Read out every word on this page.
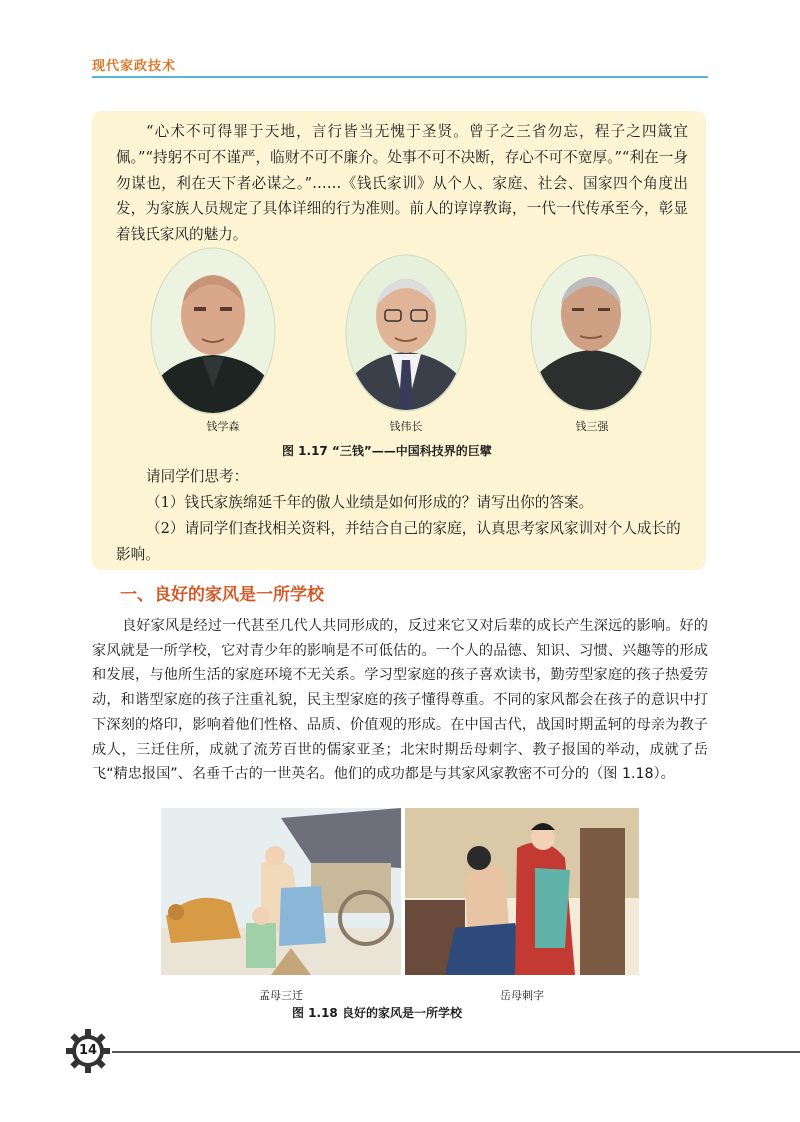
现代家政技术

“心术不可得罪于天地，言行皆当无愧于圣贤。曾子之三省勿忘，程子之四箴宜佩。”“持躬不可不谨严，临财不可不廉介。处事不可不决断，存心不可不宽厚。”“利在一身勿谋也，利在天下者必谋之。”……《钱氏家训》从个人、家庭、社会、国家四个角度出发，为家族人员规定了具体详细的行为准则。前人的谆谆教诲，一代一代传承至今，彰显着钱氏家风的魅力。

钱学森	钱伟长	钱三强
图 1.17 “三钱”——中国科技界的巨擘
请同学们思考：
（1）钱氏家族绵延千年的傲人业绩是如何形成的？请写出你的答案。
（2）请同学们查找相关资料，并结合自己的家庭，认真思考家风家训对个人成长的影响。
一、良好的家风是一所学校

良好家风是经过一代甚至几代人共同形成的，反过来它又对后辈的成长产生深远的影响。好的家风就是一所学校，它对青少年的影响是不可低估的。一个人的品德、知识、习惯、兴趣等的形成和发展，与他所生活的家庭环境不无关系。学习型家庭的孩子喜欢读书，勤劳型家庭的孩子热爱劳动，和谐型家庭的孩子注重礼貌，民主型家庭的孩子懂得尊重。不同的家风都会在孩子的意识中打下深刻的烙印，影响着他们性格、品质、价值观的形成。在中国古代，战国时期孟轲的母亲为教子成人，三迁住所，成就了流芳百世的儒家亚圣；北宋时期岳母刺字、教子报国的举动，成就了岳飞“精忠报国”、名垂千古的一世英名。他们的成功都是与其家风家教密不可分的（图 1.18）。

孟母三迁	岳母刺字
图 1.18 良好的家风是一所学校
14
